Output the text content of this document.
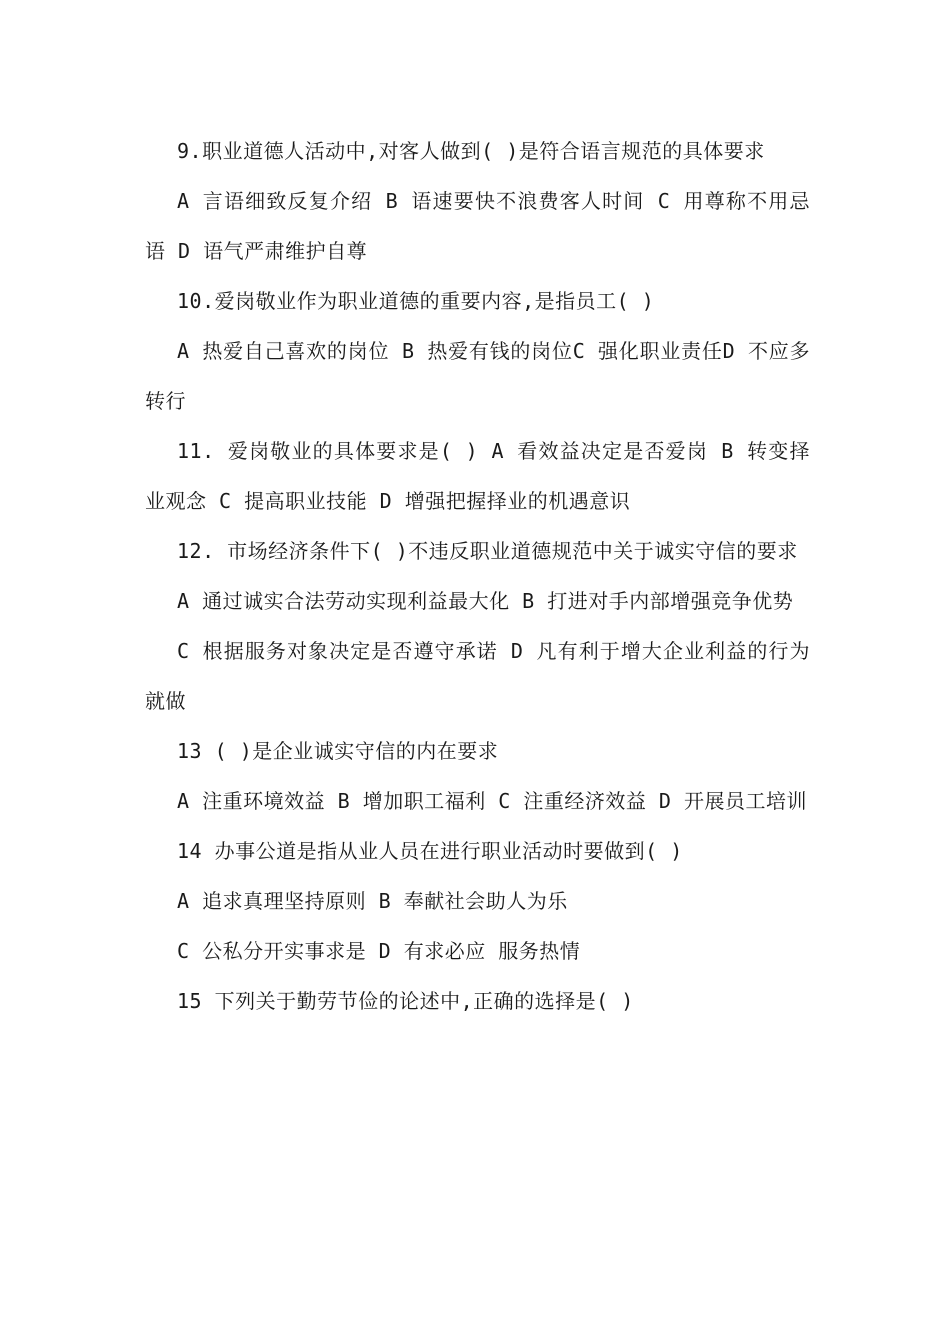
9.职业道德人活动中,对客人做到( )是符合语言规范的具体要求

A 言语细致反复介绍 B 语速要快不浪费客人时间 C 用尊称不用忌语 D 语气严肃维护自尊

10.爱岗敬业作为职业道德的重要内容,是指员工( )

A 热爱自己喜欢的岗位 B 热爱有钱的岗位C 强化职业责任D 不应多转行

11. 爱岗敬业的具体要求是( ) A 看效益决定是否爱岗 B 转变择业观念 C 提高职业技能 D 增强把握择业的机遇意识

12. 市场经济条件下( )不违反职业道德规范中关于诚实守信的要求

A 通过诚实合法劳动实现利益最大化 B 打进对手内部增强竞争优势

C 根据服务对象决定是否遵守承诺 D 凡有利于增大企业利益的行为就做

13 ( )是企业诚实守信的内在要求

A 注重环境效益 B 增加职工福利 C 注重经济效益 D 开展员工培训

14 办事公道是指从业人员在进行职业活动时要做到( )

A 追求真理坚持原则 B 奉献社会助人为乐

C 公私分开实事求是 D 有求必应 服务热情

15 下列关于勤劳节俭的论述中,正确的选择是( )
